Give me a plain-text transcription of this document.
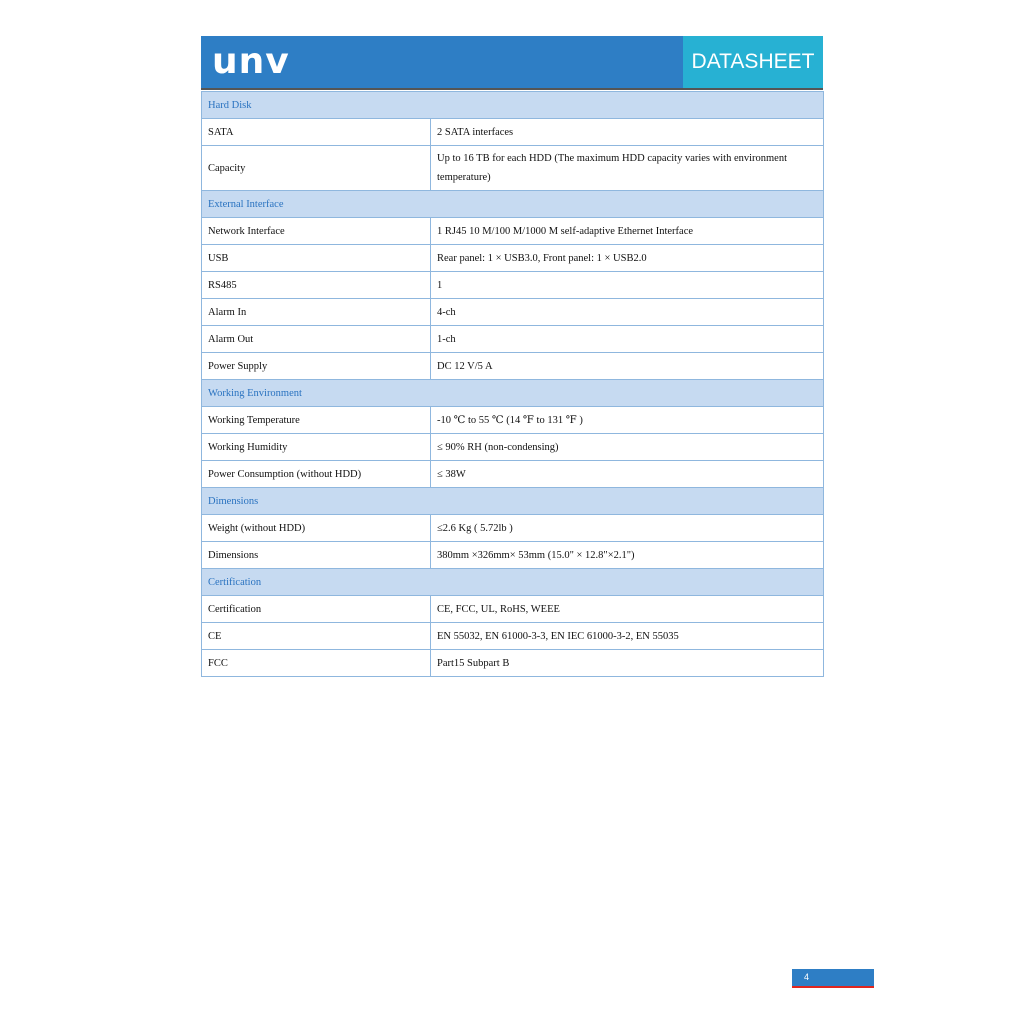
unv	DATASHEET
Hard Disk	
SATA	2 SATA interfaces
Capacity	Up to 16 TB for each HDD (The maximum HDD capacity varies with environment temperature)
External Interface	
Network Interface	1 RJ45 10 M/100 M/1000 M self-adaptive Ethernet Interface
USB	Rear panel: 1 × USB3.0, Front panel: 1 × USB2.0
RS485	1
Alarm In	4-ch
Alarm Out	1-ch
Power Supply	DC 12 V/5 A
Working Environment	
Working Temperature	-10 ℃ to 55 ℃ (14 ℉ to 131 ℉ )
Working Humidity	≤ 90% RH (non-condensing)
Power Consumption (without HDD)	≤ 38W
Dimensions	
Weight (without HDD)	≤2.6 Kg ( 5.72lb )
Dimensions	380mm ×326mm× 53mm (15.0" × 12.8"×2.1")
Certification	
Certification	CE, FCC, UL, RoHS, WEEE
CE	EN 55032, EN 61000-3-3, EN IEC 61000-3-2, EN 55035
FCC	Part15 Subpart B
4
